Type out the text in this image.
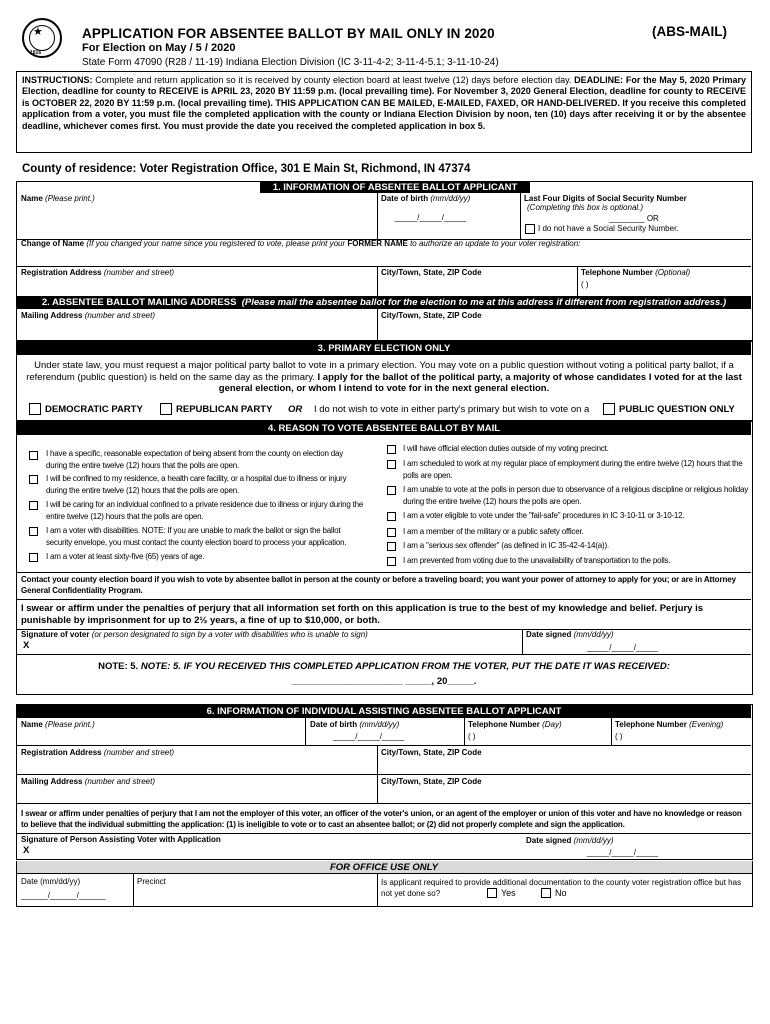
★
1816
APPLICATION FOR ABSENTEE BALLOT BY MAIL ONLY IN 2020	(ABS-MAIL)
For Election on May / 5 / 2020
State Form 47090 (R28 / 11-19) Indiana Election Division (IC 3-11-4-2; 3-11-4-5.1; 3-11-10-24)
INSTRUCTIONS: Complete and return application so it is received by county election board at least twelve (12) days before election day. DEADLINE: For the May 5, 2020 Primary Election, deadline for county to RECEIVE is APRIL 23, 2020 BY 11:59 p.m. (local prevailing time). For November 3, 2020 General Election, deadline for county to RECEIVE is OCTOBER 22, 2020 BY 11:59 p.m. (local prevailing time). THIS APPLICATION CAN BE MAILED, E-MAILED, FAXED, OR HAND-DELIVERED. If you receive this completed application from a voter, you must file the completed application with the county or Indiana Election Division by noon, ten (10) days after receiving it or by the absentee deadline, whichever comes first. You must provide the date you received the completed application in box 5.
County of residence: Voter Registration Office, 301 E Main St, Richmond, IN 47374
1. INFORMATION OF ABSENTEE BALLOT APPLICANT
Name (Please print.)	Date of birth (mm/dd/yy)
_____/_____/_____
Last Four Digits of Social Security Number
(Completing this box is optional.)
________ OR
I do not have a Social Security Number.
Change of Name (If you changed your name since you registered to vote, please print your FORMER NAME to authorize an update to your voter registration:
Registration Address (number and street)	City/Town, State, ZIP Code	Telephone Number (Optional)
( )
2. ABSENTEE BALLOT MAILING ADDRESS (Please mail the absentee ballot for the election to me at this address if different from registration address.)
Mailing Address (number and street)	City/Town, State, ZIP Code
3. PRIMARY ELECTION ONLY
Under state law, you must request a major political party ballot to vote in a primary election. You may vote on a public question without voting a political party ballot, if a referendum (public question) is held on the same day as the primary. I apply for the ballot of the political party, a majority of whose candidates I voted for at the last general election, or whom I intend to vote for in the next general election.
DEMOCRATIC PARTY	REPUBLICAN PARTY OR I do not wish to vote in either party's primary but wish to vote on a	PUBLIC QUESTION ONLY
4. REASON TO VOTE ABSENTEE BALLOT BY MAIL
I have a specific, reasonable expectation of being absent from the county on election day during the entire twelve (12) hours that the polls are open.
I will be confined to my residence, a health care facility, or a hospital due to illness or injury during the entire twelve (12) hours that the polls are open.
I will be caring for an individual confined to a private residence due to illness or injury during the entire twelve (12) hours that the polls are open.
I am a voter with disabilities. NOTE: If you are unable to mark the ballot or sign the ballot security envelope, you must contact the county election board to process your application.
I am a voter at least sixty-five (65) years of age.
I will have official election duties outside of my voting precinct.
I am scheduled to work at my regular place of employment during the entire twelve (12) hours that the polls are open.
I am unable to vote at the polls in person due to observance of a religious discipline or religious holiday during the entire twelve (12) hours the polls are open.
I am a voter eligible to vote under the "fail-safe" procedures in IC 3-10-11 or 3-10-12.
I am a member of the military or a public safety officer.
I am a "serious sex offender" (as defined in IC 35-42-4-14(a)).
I am prevented from voting due to the unavailability of transportation to the polls.
Contact your county election board if you wish to vote by absentee ballot in person at the county or before a traveling board; you want your power of attorney to apply for you; or are in Attorney General Confidentiality Program.
I swear or affirm under the penalties of perjury that all information set forth on this application is true to the best of my knowledge and belief. Perjury is punishable by imprisonment for up to 2½ years, a fine of up to $10,000, or both.
Signature of voter (or person designated to sign by a voter with disabilities who is unable to sign)
X
Date signed (mm/dd/yy)
_____/_____/_____
NOTE: 5. NOTE: 5. IF YOU RECEIVED THIS COMPLETED APPLICATION FROM THE VOTER, PUT THE DATE IT WAS RECEIVED:
_____________________ _____, 20_____.
6. INFORMATION OF INDIVIDUAL ASSISTING ABSENTEE BALLOT APPLICANT
Name (Please print.)	Date of birth (mm/dd/yy)
_____/_____/_____
Telephone Number (Day)
( )
Telephone Number (Evening)
( )
Registration Address (number and street)	City/Town, State, ZIP Code
Mailing Address (number and street)	City/Town, State, ZIP Code
I swear or affirm under penalties of perjury that I am not the employer of this voter, an officer of the voter's union, or an agent of the employer or union of this voter and have no knowledge or reason to believe that the individual submitting the application: (1) is ineligible to vote or to cast an absentee ballot; or (2) did not properly complete and sign the application.
Signature of Person Assisting Voter with Application
X
Date signed (mm/dd/yy)
_____/_____/_____
FOR OFFICE USE ONLY
Date (mm/dd/yy)
______/______/______
Precinct	Is applicant required to provide additional documentation to the county voter registration office but has not yet done so?	Yes	No
